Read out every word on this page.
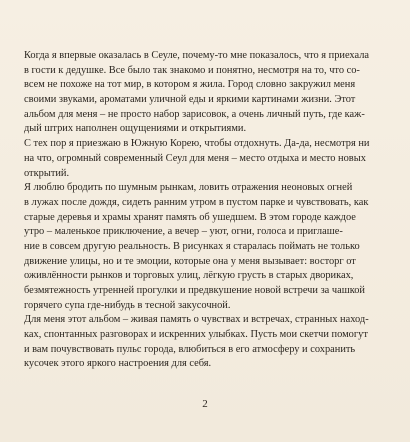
Когда я впервые оказалась в Сеуле, почему-то мне показалось, что я приехала
в гости к дедушке. Все было так знакомо и понятно, несмотря на то, что со-
всем не похоже на тот мир, в котором я жила. Город словно закружил меня
своими звуками, ароматами уличной еды и яркими картинами жизни. Этот
альбом для меня – не просто набор зарисовок, а очень личный путь, где каж-
дый штрих наполнен ощущениями и открытиями.
С тех пор я приезжаю в Южную Корею, чтобы отдохнуть. Да-да, несмотря ни
на что, огромный современный Сеул для меня – место отдыха и место новых
открытий.
Я люблю бродить по шумным рынкам, ловить отражения неоновых огней
в лужах после дождя, сидеть ранним утром в пустом парке и чувствовать, как
старые деревья и храмы хранят память об ушедшем. В этом городе каждое
утро – маленькое приключение, а вечер – уют, огни, голоса и приглаше-
ние в совсем другую реальность. В рисунках я старалась поймать не только
движение улицы, но и те эмоции, которые она у меня вызывает: восторг от
оживлённости рынков и торговых улиц, лёгкую грусть в старых двориках,
безмятежность утренней прогулки и предвкушение новой встречи за чашкой
горячего супа где-нибудь в тесной закусочной.
Для меня этот альбом – живая память о чувствах и встречах, странных наход-
ках, спонтанных разговорах и искренних улыбках. Пусть мои скетчи помогут
и вам почувствовать пульс города, влюбиться в его атмосферу и сохранить
кусочек этого яркого настроения для себя.
2
